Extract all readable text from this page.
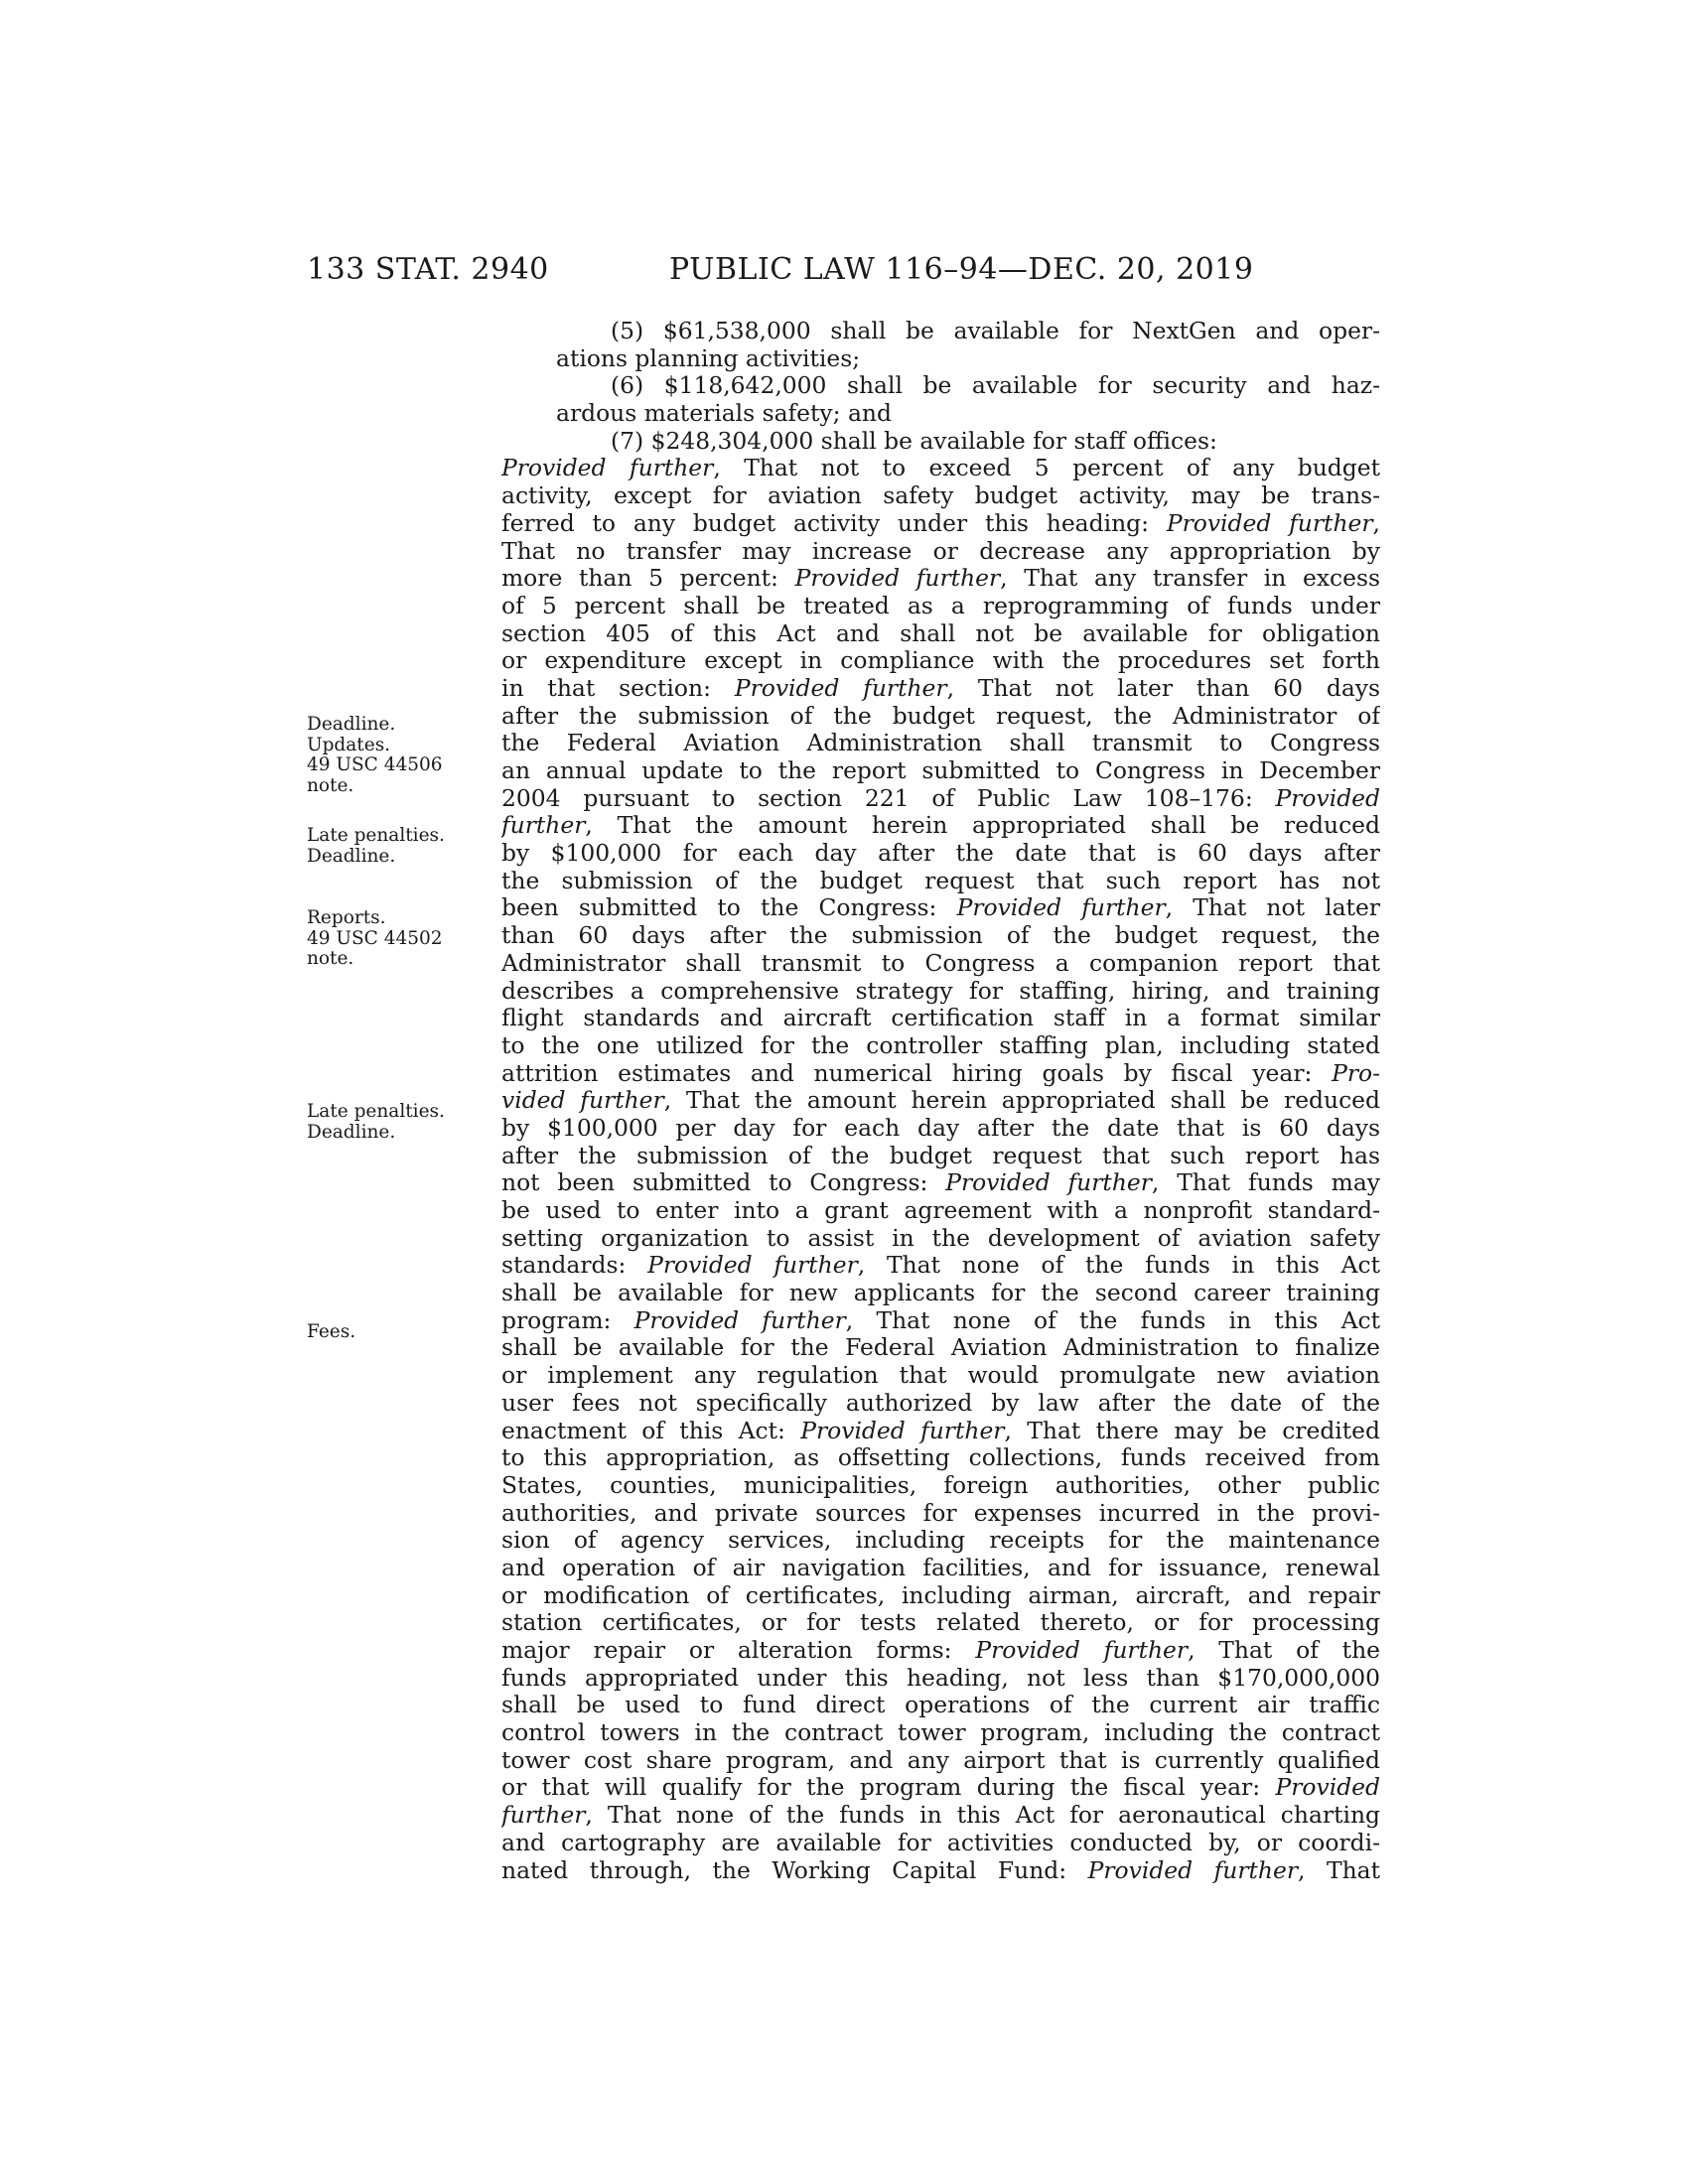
133 STAT. 2940	PUBLIC LAW 116–94—DEC. 20, 2019
(5) $61,538,000 shall be available for NextGen and oper-
ations planning activities;
(6) $118,642,000 shall be available for security and haz-
ardous materials safety; and
(7) $248,304,000 shall be available for staff offices:
Provided further, That not to exceed 5 percent of any budget
activity, except for aviation safety budget activity, may be trans-
ferred to any budget activity under this heading: Provided further,
That no transfer may increase or decrease any appropriation by
more than 5 percent: Provided further, That any transfer in excess
of 5 percent shall be treated as a reprogramming of funds under
section 405 of this Act and shall not be available for obligation
or expenditure except in compliance with the procedures set forth
in that section: Provided further, That not later than 60 days
after the submission of the budget request, the Administrator of
the Federal Aviation Administration shall transmit to Congress
an annual update to the report submitted to Congress in December
2004 pursuant to section 221 of Public Law 108–176: Provided
further, That the amount herein appropriated shall be reduced
by $100,000 for each day after the date that is 60 days after
the submission of the budget request that such report has not
been submitted to the Congress: Provided further, That not later
than 60 days after the submission of the budget request, the
Administrator shall transmit to Congress a companion report that
describes a comprehensive strategy for staffing, hiring, and training
flight standards and aircraft certification staff in a format similar
to the one utilized for the controller staffing plan, including stated
attrition estimates and numerical hiring goals by fiscal year: Pro-
vided further, That the amount herein appropriated shall be reduced
by $100,000 per day for each day after the date that is 60 days
after the submission of the budget request that such report has
not been submitted to Congress: Provided further, That funds may
be used to enter into a grant agreement with a nonprofit standard-
setting organization to assist in the development of aviation safety
standards: Provided further, That none of the funds in this Act
shall be available for new applicants for the second career training
program: Provided further, That none of the funds in this Act
shall be available for the Federal Aviation Administration to finalize
or implement any regulation that would promulgate new aviation
user fees not specifically authorized by law after the date of the
enactment of this Act: Provided further, That there may be credited
to this appropriation, as offsetting collections, funds received from
States, counties, municipalities, foreign authorities, other public
authorities, and private sources for expenses incurred in the provi-
sion of agency services, including receipts for the maintenance
and operation of air navigation facilities, and for issuance, renewal
or modification of certificates, including airman, aircraft, and repair
station certificates, or for tests related thereto, or for processing
major repair or alteration forms: Provided further, That of the
funds appropriated under this heading, not less than $170,000,000
shall be used to fund direct operations of the current air traffic
control towers in the contract tower program, including the contract
tower cost share program, and any airport that is currently qualified
or that will qualify for the program during the fiscal year: Provided
further, That none of the funds in this Act for aeronautical charting
and cartography are available for activities conducted by, or coordi-
nated through, the Working Capital Fund: Provided further, That
Deadline.
Updates.
49 USC 44506
note.
Late penalties.
Deadline.
Reports.
49 USC 44502
note.
Late penalties.
Deadline.
Fees.
